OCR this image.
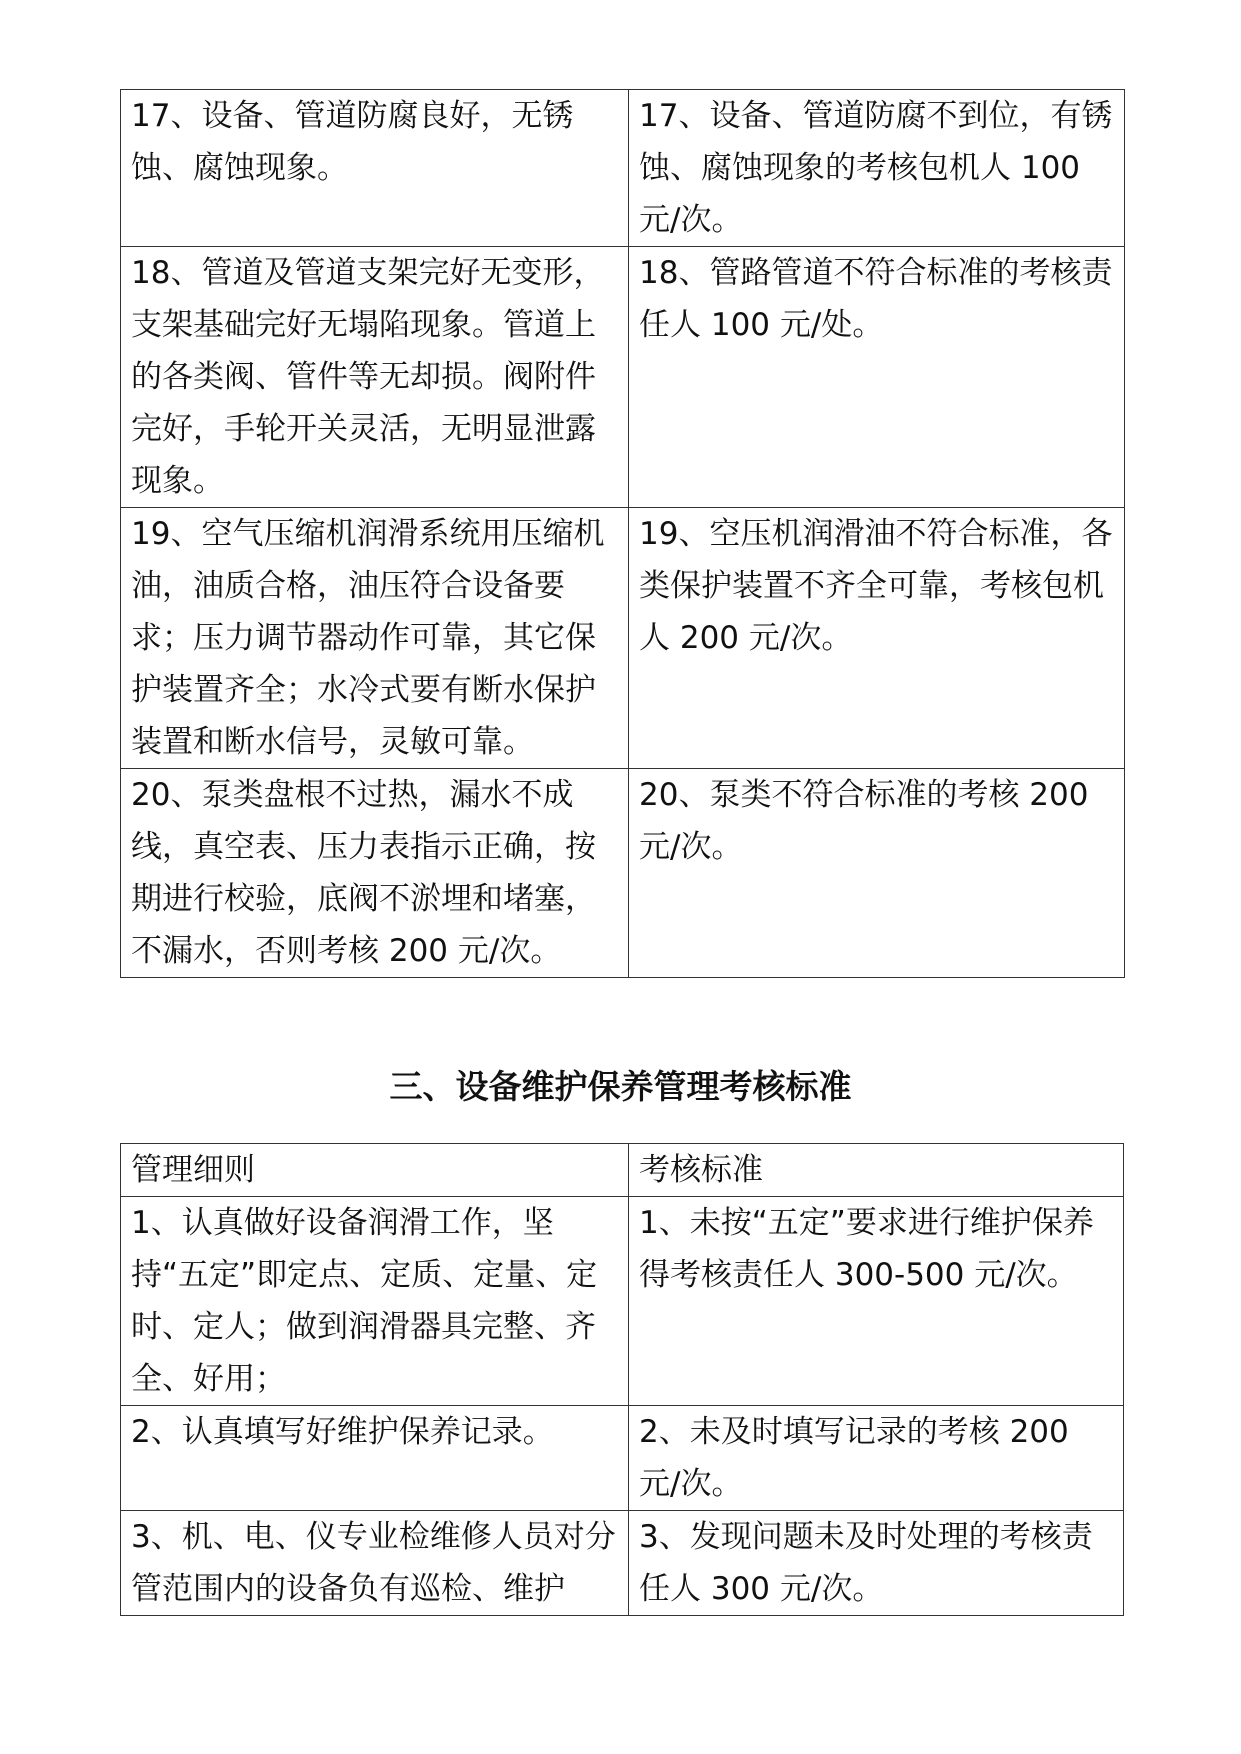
17、设备、管道防腐良好，无锈蚀、腐蚀现象。	17、设备、管道防腐不到位，有锈蚀、腐蚀现象的考核包机人 100 元/次。
18、管道及管道支架完好无变形，支架基础完好无塌陷现象。管道上的各类阀、管件等无却损。阀附件完好，手轮开关灵活，无明显泄露现象。	18、管路管道不符合标准的考核责任人 100 元/处。
19、空气压缩机润滑系统用压缩机油，油质合格，油压符合设备要求；压力调节器动作可靠，其它保护装置齐全；水冷式要有断水保护装置和断水信号，灵敏可靠。	19、空压机润滑油不符合标准，各类保护装置不齐全可靠，考核包机人 200 元/次。
20、泵类盘根不过热，漏水不成线，真空表、压力表指示正确，按期进行校验，底阀不淤埋和堵塞，不漏水，否则考核 200 元/次。	20、泵类不符合标准的考核 200 元/次。
三、设备维护保养管理考核标准
管理细则	考核标准
1、认真做好设备润滑工作，坚持“五定”即定点、定质、定量、定时、定人；做到润滑器具完整、齐全、好用；	1、未按“五定”要求进行维护保养得考核责任人 300-500 元/次。
2、认真填写好维护保养记录。	2、未及时填写记录的考核 200 元/次。
3、机、电、仪专业检维修人员对分管范围内的设备负有巡检、维护	3、发现问题未及时处理的考核责任人 300 元/次。
